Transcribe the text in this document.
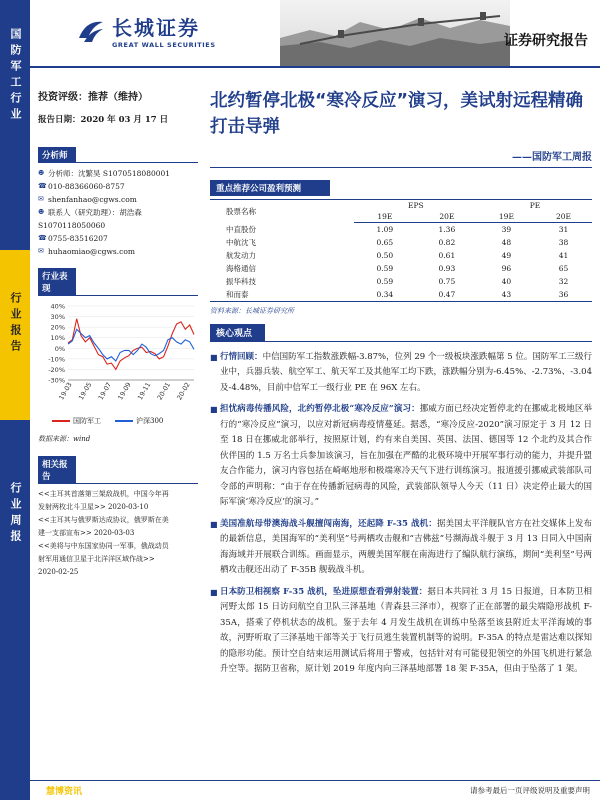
国防军工行业
行业报告
行业周报
长城证券
GREAT WALL SECURITIES	证券研究报告
投资评级：推荐（维持）
报告日期：2020 年 03 月 17 日
分析师

☻ 分析师：沈繁昊 S1070518080001

☎ 010-88366060-8757

✉ shenfanhao@cgws.com

☻ 联系人（研究助理）：胡浩森

S1070118050060

☎ 0755-83516207

✉ huhaomiao@cgws.com

行业表现
40%
30%
20%
10%
0%
-10%
-20%
-30%
19-03 19-05 19-07 19-09 19-11 20-01 20-02
国防军工	沪深300
数据来源：wind
相关报告
<<主耳其首落第三架敌战机，中国今年再
发射两枚北斗卫星>> 2020-03-10
<<主耳其与俄罗斯达成协议，俄罗斯在美
建一支部宣布>> 2020-03-03
<<美将与中东国家协同一军事，俄战动员
射军用通信卫星于北洋洋区域作战>>
2020-02-25
北约暂停北极“寒冷反应”演习，美试射远程精确打击导弹
——国防军工周报
重点推荐公司盈利预测
股票名称	EPS		PE	
	19E	20E	19E	20E
中直股份	1.09	1.36	39	31
中航沈飞	0.65	0.82	48	38
航发动力	0.50	0.61	49	41
海格通信	0.59	0.93	96	65
振华科技	0.59	0.75	40	32
和而泰	0.34	0.47	43	36
资料来源：长城证券研究所
核心观点
■ 行情回顾：中信国防军工指数涨跌幅-3.87%，位列 29 个一级板块涨跌幅第 5 位。国防军工三级行业中，兵器兵装、航空军工、航天军工及其他军工均下跌，涨跌幅分别为-6.45%、-2.73%、-3.04 及-4.48%，目前中信军工一级行业 PE 在 96X 左右。
■ 担忧病毒传播风险，北约暂停北极“寒冷反应”演习：挪威方面已经决定暂停北约在挪威北极地区举行的“寒冷反应”演习，以应对新冠病毒疫情蔓延。据悉，“寒冷反应-2020”演习原定于 3 月 12 日至 18 日在挪威北部举行，按照原计划，约有来自美国、英国、法国、德国等 12 个北约及其合作伙伴国的 1.5 万名士兵参加该演习，旨在加强在严酷的北极环境中开展军事行动的能力，并提升盟友合作能力，演习内容包括在崎岖地形和极端寒冷天气下进行训练演习。报道援引挪威武装部队司令部的声明称：“由于存在传播新冠病毒的风险，武装部队领导人今天（11 日）决定停止最大的国际军演‘寒冷反应’的演习。”
■ 美国准航母带澳海战斗舰擅闯南海，还起降 F-35 战机：据美国太平洋舰队官方在社交媒体上发布的最新信息，美国海军的“美利坚”号两栖攻击舰和“吉佛兹”号濒海战斗舰于 3 月 13 日同入中国南海海域并开展联合训练。画面显示，两艘美国军舰在南海进行了编队航行演练，期间“美利坚”号两栖攻击舰还出动了 F-35B 舰载战斗机。
■ 日本防卫相视察 F-35 战机，坠进原想查看弹射装置：据日本共同社 3 月 15 日报道，日本防卫相河野太郎 15 日访问航空自卫队三泽基地（青森县三泽市），视察了正在部署的最尖端隐形战机 F-35A，搭乘了停机状态的战机。鉴于去年 4 月发生战机在训练中坠落至该县附近太平洋海域的事故，河野听取了三泽基地干部等关于飞行员逃生装置机制等的说明。F-35A 的特点是雷达难以探知的隐形功能。预计空自结束运用测试后将用于警戒，包括针对有可能侵犯领空的外国飞机进行紧急升空等。据防卫省称，原计划 2019 年度内向三泽基地部署 18 架 F-35A，但由于坠落了 1 架。
慧博资讯	请参考最后一页评级说明及重要声明
